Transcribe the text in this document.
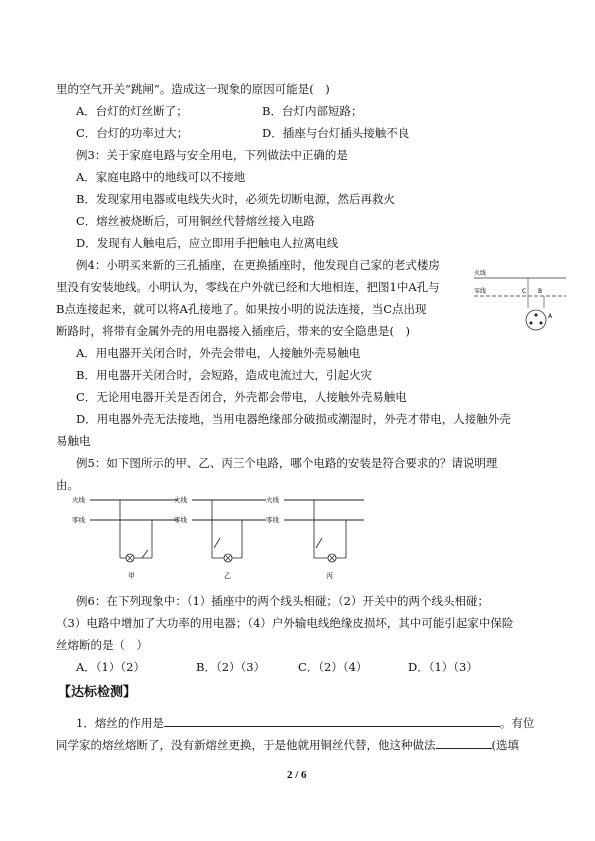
里的空气开关“跳闸”。造成这一现象的原因可能是(　)
A．台灯的灯丝断了；	B．台灯内部短路；
C．台灯的功率过大；	D．插座与台灯插头接触不良
例3：关于家庭电路与安全用电，下列做法中正确的是
A．家庭电路中的地线可以不接地
B．发现家用电器或电线失火时，必须先切断电源，然后再救火
C．熔丝被烧断后，可用铜丝代替熔丝接入电路
D．发现有人触电后，应立即用手把触电人拉离电线
例4：小明买来新的三孔插座，在更换插座时，他发现自己家的老式楼房
里没有安装地线。小明认为，零线在户外就已经和大地相连，把图1中A孔与
B点连接起来，就可以将A孔接地了。如果按小明的说法连接，当C点出现
断路时，将带有金属外壳的用电器接入插座后，带来的安全隐患是(　)
A．用电器开关闭合时，外壳会带电，人接触外壳易触电
B．用电器开关闭合时，会短路，造成电流过大，引起火灾
C．无论用电器开关是否闭合，外壳都会带电，人接触外壳易触电
D．用电器外壳无法接地，当用电器绝缘部分破损或潮湿时，外壳才带电，人接触外壳
易触电
例5：如下图所示的甲、乙、丙三个电路，哪个电路的安装是符合要求的？请说明理
由。
例6：在下列现象中：（1）插座中的两个线头相碰；（2）开关中的两个线头相碰；
（3）电路中增加了大功率的用电器；（4）户外输电线绝缘皮损坏，其中可能引起家中保险
丝熔断的是（　）
A．（1）（2）	B．（2）（3）	C．（2）（4）	D．（1）（3）
【达标检测】
1．熔丝的作用是	。有位
同学家的熔丝熔断了，没有新熔丝更换，于是他就用铜丝代替，他这种做法	(选填
火线
零线	C B
A
火线
零线
甲
火线
零线
乙
火线
零线
丙
2 / 6
